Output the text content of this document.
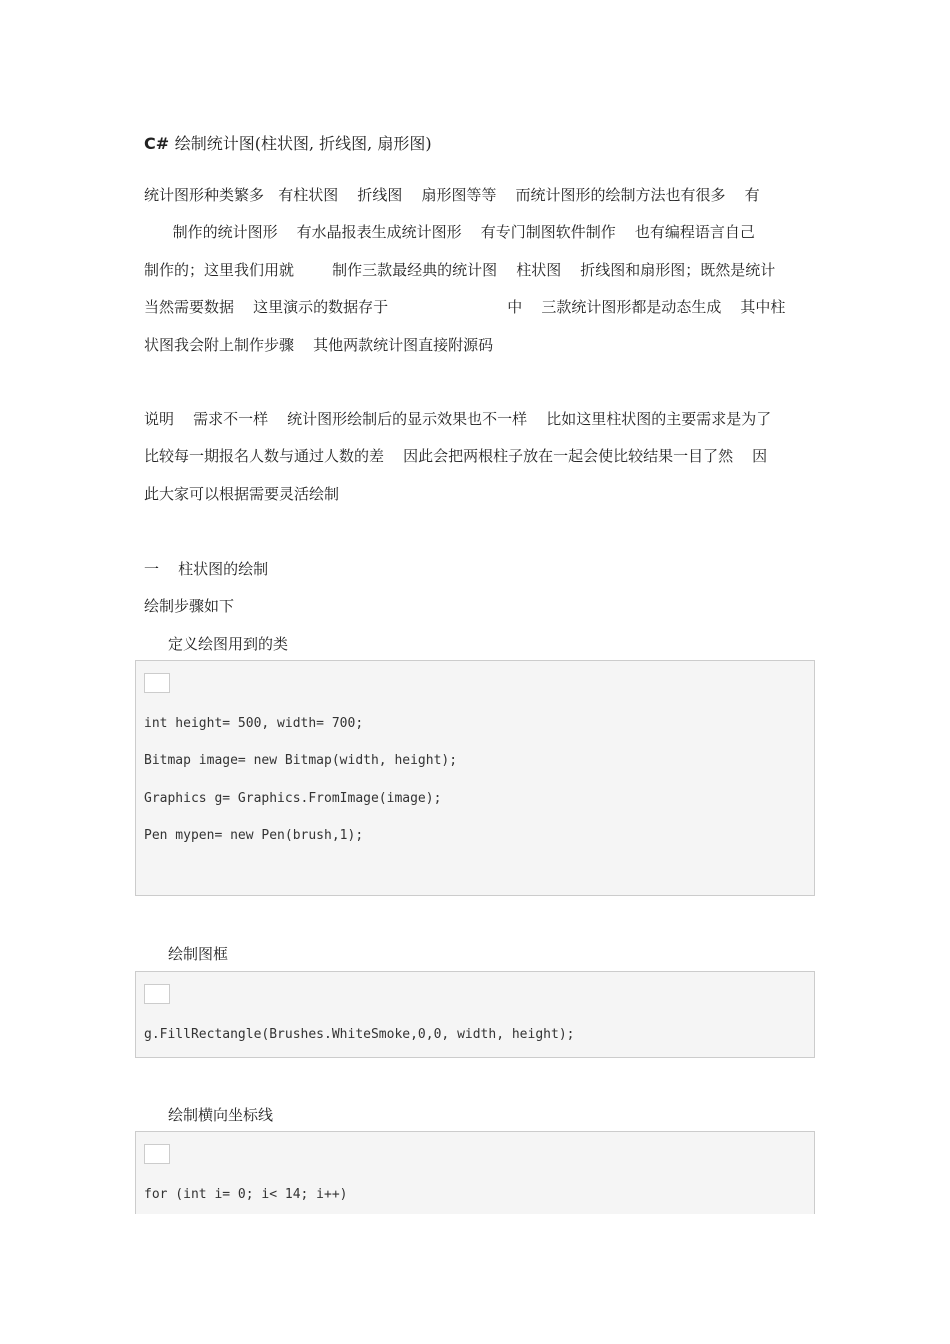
C# 绘制统计图(柱状图, 折线图, 扇形图)
统计图形种类繁多   有柱状图    折线图    扇形图等等    而统计图形的绘制方法也有很多    有
制作的统计图形    有水晶报表生成统计图形    有专门制图软件制作    也有编程语言自己
制作的；这里我们用就        制作三款最经典的统计图    柱状图    折线图和扇形图；既然是统计
当然需要数据    这里演示的数据存于                         中    三款统计图形都是动态生成    其中柱
状图我会附上制作步骤    其他两款统计图直接附源码
说明    需求不一样    统计图形绘制后的显示效果也不一样    比如这里柱状图的主要需求是为了
比较每一期报名人数与通过人数的差    因此会把两根柱子放在一起会使比较结果一目了然    因
此大家可以根据需要灵活绘制
一    柱状图的绘制
绘制步骤如下
定义绘图用到的类
int height= 500, width= 700;
Bitmap image= new Bitmap(width, height);
Graphics g= Graphics.FromImage(image);
Pen mypen= new Pen(brush,1);
绘制图框
g.FillRectangle(Brushes.WhiteSmoke,0,0, width, height);
绘制横向坐标线
for (int i= 0; i< 14; i++)
